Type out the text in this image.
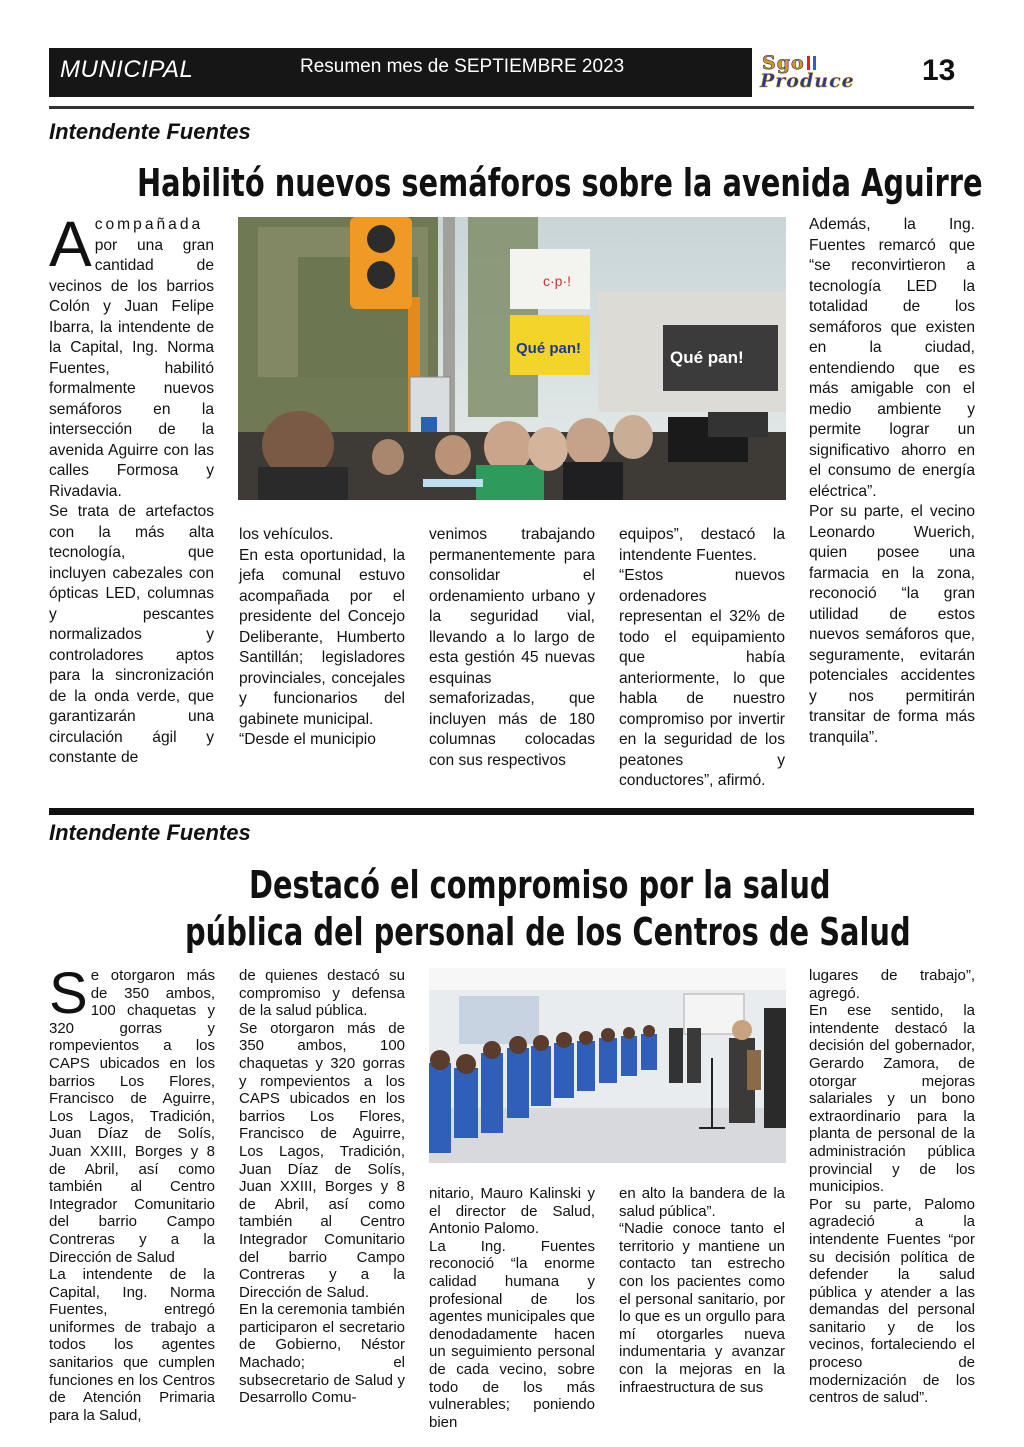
MUNICIPAL	Resumen mes de SEPTIEMBRE 2023	Sgo
Produce 13
Intendente Fuentes
Habilitó nuevos semáforos sobre la avenida Aguirre

Acompañada por una gran cantidad de vecinos de los barrios Colón y Juan Felipe Ibarra, la intendente de la Capital, Ing. Norma Fuentes, habilitó formalmente nuevos semáforos en la intersección de la avenida Aguirre con las calles Formosa y Rivadavia.

Se trata de artefactos con la más alta tecnología, que incluyen cabezales con ópticas LED, columnas y pescantes normalizados y controladores aptos para la sincronización de la onda verde, que garantizarán una circulación ágil y constante de

c·p·!
Qué pan!	Qué pan!

los vehículos.

En esta oportunidad, la jefa comunal estuvo acompañada por el presidente del Concejo Deliberante, Humberto Santillán; legisladores provinciales, concejales y funcionarios del gabinete municipal.

“Desde el municipio

venimos trabajando permanentemente para consolidar el ordenamiento urbano y la seguridad vial, llevando a lo largo de esta gestión 45 nuevas esquinas semaforizadas, que incluyen más de 180 columnas colocadas con sus respectivos

equipos”, destacó la intendente Fuentes.

“Estos nuevos ordenadores representan el 32% de todo el equipamiento que había anteriormente, lo que habla de nuestro compromiso por invertir en la seguridad de los peatones y conductores”, afirmó.

Además, la Ing. Fuentes remarcó que “se reconvirtieron a tecnología LED la totalidad de los semáforos que existen en la ciudad, entendiendo que es más amigable con el medio ambiente y permite lograr un significativo ahorro en el consumo de energía eléctrica”.

Por su parte, el vecino Leonardo Wuerich, quien posee una farmacia en la zona, reconoció “la gran utilidad de estos nuevos semáforos que, seguramente, evitarán potenciales accidentes y nos permitirán transitar de forma más tranquila”.

Intendente Fuentes
Destacó el compromiso por la salud
pública del personal de los Centros de Salud

Se otorgaron más de 350 ambos, 100 chaquetas y 320 gorras y rompevientos a los CAPS ubicados en los barrios Los Flores, Francisco de Aguirre, Los Lagos, Tradición, Juan Díaz de Solís, Juan XXIII, Borges y 8 de Abril, así como también al Centro Integrador Comunitario del barrio Campo Contreras y a la Dirección de Salud

La intendente de la Capital, Ing. Norma Fuentes, entregó uniformes de trabajo a todos los agentes sanitarios que cumplen funciones en los Centros de Atención Primaria para la Salud,

de quienes destacó su compromiso y defensa de la salud pública.

Se otorgaron más de 350 ambos, 100 chaquetas y 320 gorras y rompevientos a los CAPS ubicados en los barrios Los Flores, Francisco de Aguirre, Los Lagos, Tradición, Juan Díaz de Solís, Juan XXIII, Borges y 8 de Abril, así como también al Centro Integrador Comunitario del barrio Campo Contreras y a la Dirección de Salud.

En la ceremonia también participaron el secretario de Gobierno, Néstor Machado; el subsecretario de Salud y Desarrollo Comu-

nitario, Mauro Kalinski y el director de Salud, Antonio Palomo.

La Ing. Fuentes reconoció “la enorme calidad humana y profesional de los agentes municipales que denodadamente hacen un seguimiento personal de cada vecino, sobre todo de los más vulnerables; poniendo bien

en alto la bandera de la salud pública”.

“Nadie conoce tanto el territorio y mantiene un contacto tan estrecho con los pacientes como el personal sanitario, por lo que es un orgullo para mí otorgarles nueva indumentaria y avanzar con la mejoras en la infraestructura de sus

lugares de trabajo”, agregó.

En ese sentido, la intendente destacó la decisión del gobernador, Gerardo Zamora, de otorgar mejoras salariales y un bono extraordinario para la planta de personal de la administración pública provincial y de los municipios.

Por su parte, Palomo agradeció a la intendente Fuentes “por su decisión política de defender la salud pública y atender a las demandas del personal sanitario y de los vecinos, fortaleciendo el proceso de modernización de los centros de salud”.
